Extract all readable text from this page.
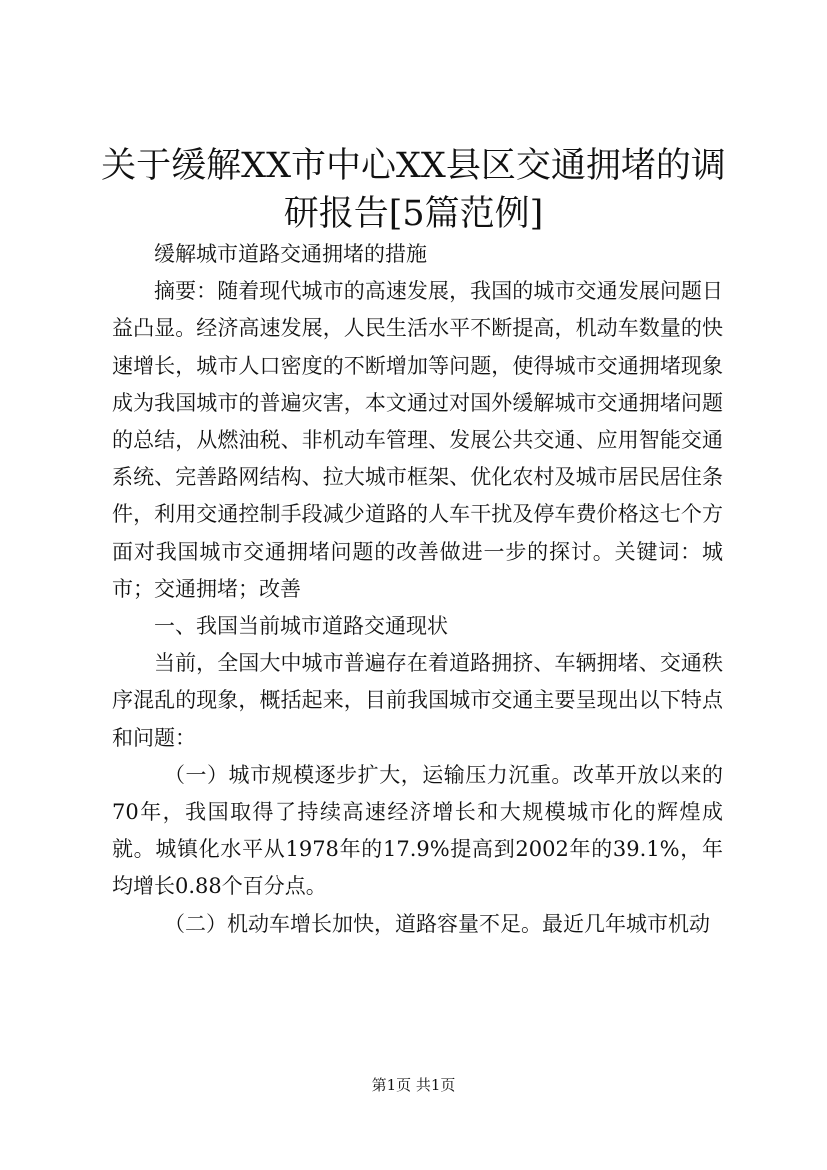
关于缓解XX市中心XX县区交通拥堵的调研报告[5篇范例]

缓解城市道路交通拥堵的措施

摘要：随着现代城市的高速发展，我国的城市交通发展问题日益凸显。经济高速发展，人民生活水平不断提高，机动车数量的快速增长，城市人口密度的不断增加等问题，使得城市交通拥堵现象成为我国城市的普遍灾害，本文通过对国外缓解城市交通拥堵问题的总结，从燃油税、非机动车管理、发展公共交通、应用智能交通系统、完善路网结构、拉大城市框架、优化农村及城市居民居住条件，利用交通控制手段减少道路的人车干扰及停车费价格这七个方面对我国城市交通拥堵问题的改善做进一步的探讨。关键词：城市；交通拥堵；改善

一、我国当前城市道路交通现状

当前，全国大中城市普遍存在着道路拥挤、车辆拥堵、交通秩序混乱的现象，概括起来，目前我国城市交通主要呈现出以下特点和问题：

（一）城市规模逐步扩大，运输压力沉重。改革开放以来的70年，我国取得了持续高速经济增长和大规模城市化的辉煌成就。城镇化水平从1978年的17.9%提高到2002年的39.1%，年均增长0.88个百分点。

（二）机动车增长加快，道路容量不足。最近几年城市机动

第1页 共1页
